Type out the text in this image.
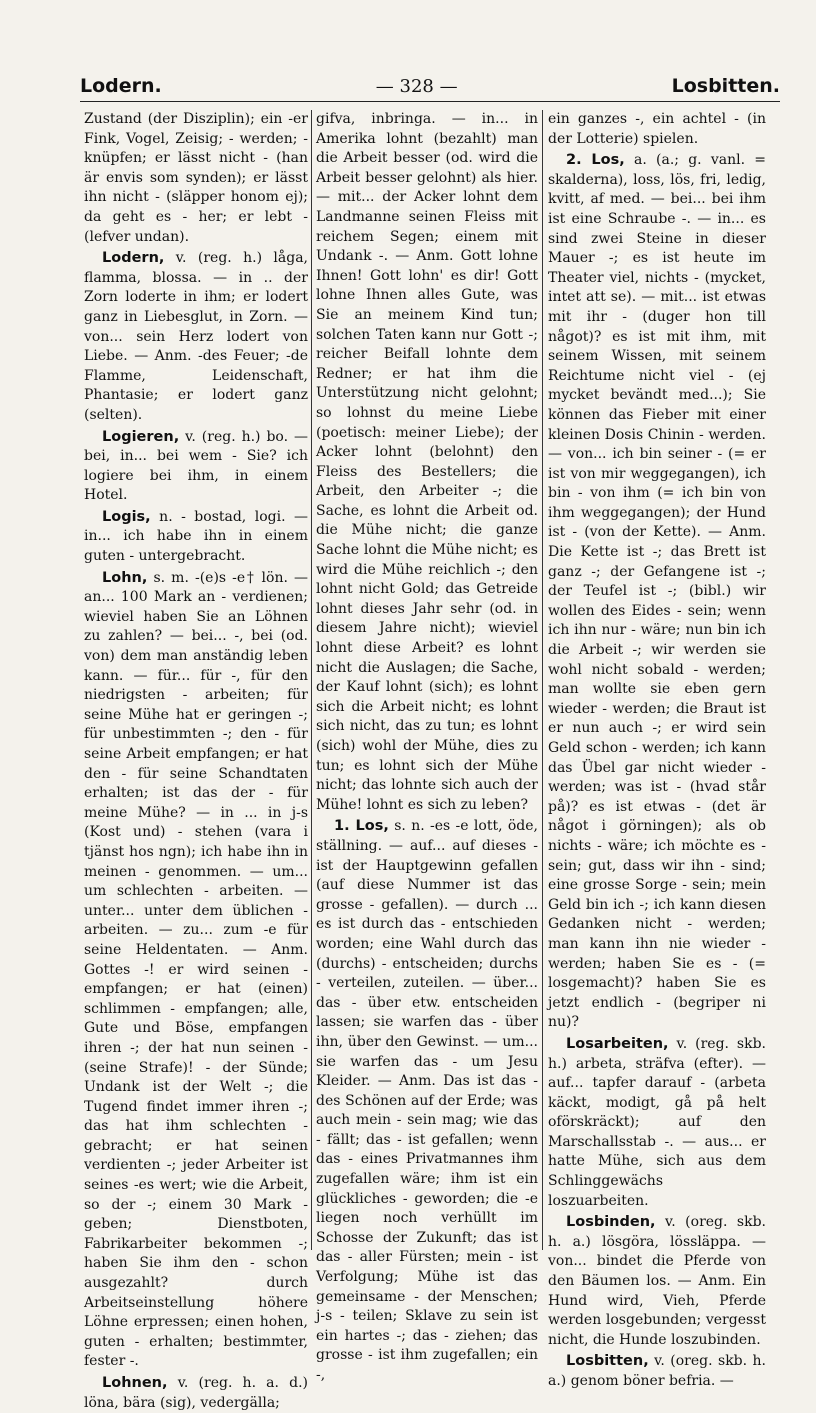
Lodern.	— 328 —	Losbitten.

Zustand (der Disziplin); ein -er Fink, Vogel, Zeisig; - werden; - knüpfen; er lässt nicht - (han är envis som synden); er lässt ihn nicht - (släpper honom ej); da geht es - her; er lebt - (lefver undan).

Lodern, v. (reg. h.) låga, flamma, blossa. — in .. der Zorn loderte in ihm; er lodert ganz in Liebesglut, in Zorn. — von... sein Herz lodert von Liebe. — Anm. -des Feuer; -de Flamme, Leidenschaft, Phantasie; er lodert ganz (selten).

Logieren, v. (reg. h.) bo. — bei, in... bei wem - Sie? ich logiere bei ihm, in einem Hotel.

Logis, n. - bostad, logi. — in... ich habe ihn in einem guten - untergebracht.

Lohn, s. m. -(e)s -e† lön. — an... 100 Mark an - verdienen; wieviel haben Sie an Löhnen zu zahlen? — bei... -, bei (od. von) dem man anständig leben kann. — für... für -, für den niedrigsten - arbeiten; für seine Mühe hat er geringen -; für unbestimmten -; den - für seine Arbeit empfangen; er hat den - für seine Schandtaten erhalten; ist das der - für meine Mühe? — in ... in j-s (Kost und) - stehen (vara i tjänst hos ngn); ich habe ihn in meinen - genommen. — um... um schlechten - arbeiten. — unter... unter dem üblichen - arbeiten. — zu... zum -e für seine Heldentaten. — Anm. Gottes -! er wird seinen - empfangen; er hat (einen) schlimmen - empfangen; alle, Gute und Böse, empfangen ihren -; der hat nun seinen - (seine Strafe)! - der Sünde; Undank ist der Welt -; die Tugend findet immer ihren -; das hat ihm schlechten - gebracht; er hat seinen verdienten -; jeder Arbeiter ist seines -es wert; wie die Arbeit, so der -; einem 30 Mark - geben; Dienstboten, Fabrikarbeiter bekommen -; haben Sie ihm den - schon ausgezahlt? durch Arbeitseinstellung höhere Löhne erpressen; einen hohen, guten - erhalten; bestimmter, fester -.

Lohnen, v. (reg. h. a. d.) löna, bära (sig), vedergälla;

gifva, inbringa. — in... in Amerika lohnt (bezahlt) man die Arbeit besser (od. wird die Arbeit besser gelohnt) als hier. — mit... der Acker lohnt dem Landmanne seinen Fleiss mit reichem Segen; einem mit Undank -. — Anm. Gott lohne Ihnen! Gott lohn' es dir! Gott lohne Ihnen alles Gute, was Sie an meinem Kind tun; solchen Taten kann nur Gott -; reicher Beifall lohnte dem Redner; er hat ihm die Unterstützung nicht gelohnt; so lohnst du meine Liebe (poetisch: meiner Liebe); der Acker lohnt (belohnt) den Fleiss des Bestellers; die Arbeit, den Arbeiter -; die Sache, es lohnt die Arbeit od. die Mühe nicht; die ganze Sache lohnt die Mühe nicht; es wird die Mühe reichlich -; den lohnt nicht Gold; das Getreide lohnt dieses Jahr sehr (od. in diesem Jahre nicht); wieviel lohnt diese Arbeit? es lohnt nicht die Auslagen; die Sache, der Kauf lohnt (sich); es lohnt sich die Arbeit nicht; es lohnt sich nicht, das zu tun; es lohnt (sich) wohl der Mühe, dies zu tun; es lohnt sich der Mühe nicht; das lohnte sich auch der Mühe! lohnt es sich zu leben?

1. Los, s. n. -es -e lott, öde, ställning. — auf... auf dieses - ist der Hauptgewinn gefallen (auf diese Nummer ist das grosse - gefallen). — durch ... es ist durch das - entschieden worden; eine Wahl durch das (durchs) - entscheiden; durchs - verteilen, zuteilen. — über... das - über etw. entscheiden lassen; sie warfen das - über ihn, über den Gewinst. — um... sie warfen das - um Jesu Kleider. — Anm. Das ist das - des Schönen auf der Erde; was auch mein - sein mag; wie das - fällt; das - ist gefallen; wenn das - eines Privatmannes ihm zugefallen wäre; ihm ist ein glückliches - geworden; die -e liegen noch verhüllt im Schosse der Zukunft; das ist das - aller Fürsten; mein - ist Verfolgung; Mühe ist das gemeinsame - der Menschen; j-s - teilen; Sklave zu sein ist ein hartes -; das - ziehen; das grosse - ist ihm zugefallen; ein -,

ein ganzes -, ein achtel - (in der Lotterie) spielen.

2. Los, a. (a.; g. vanl. = skalderna), loss, lös, fri, ledig, kvitt, af med. — bei... bei ihm ist eine Schraube -. — in... es sind zwei Steine in dieser Mauer -; es ist heute im Theater viel, nichts - (mycket, intet att se). — mit... ist etwas mit ihr - (duger hon till något)? es ist mit ihm, mit seinem Wissen, mit seinem Reichtume nicht viel - (ej mycket bevändt med...); Sie können das Fieber mit einer kleinen Dosis Chinin - werden. — von... ich bin seiner - (= er ist von mir weggegangen), ich bin - von ihm (= ich bin von ihm weggegangen); der Hund ist - (von der Kette). — Anm. Die Kette ist -; das Brett ist ganz -; der Gefangene ist -; der Teufel ist -; (bibl.) wir wollen des Eides - sein; wenn ich ihn nur - wäre; nun bin ich die Arbeit -; wir werden sie wohl nicht sobald - werden; man wollte sie eben gern wieder - werden; die Braut ist er nun auch -; er wird sein Geld schon - werden; ich kann das Übel gar nicht wieder - werden; was ist - (hvad står på)? es ist etwas - (det är något i görningen); als ob nichts - wäre; ich möchte es - sein; gut, dass wir ihn - sind; eine grosse Sorge - sein; mein Geld bin ich -; ich kann diesen Gedanken nicht - werden; man kann ihn nie wieder - werden; haben Sie es - (= losgemacht)? haben Sie es jetzt endlich - (begriper ni nu)?

Losarbeiten, v. (reg. skb. h.) arbeta, sträfva (efter). — auf... tapfer darauf - (arbeta käckt, modigt, gå på helt oförskräckt); auf den Marschallsstab -. — aus... er hatte Mühe, sich aus dem Schlinggewächs loszuarbeiten.

Losbinden, v. (oreg. skb. h. a.) lösgöra, lössläppa. — von... bindet die Pferde von den Bäumen los. — Anm. Ein Hund wird, Vieh, Pferde werden losgebunden; vergesst nicht, die Hunde loszubinden.

Losbitten, v. (oreg. skb. h. a.) genom böner befria. —
